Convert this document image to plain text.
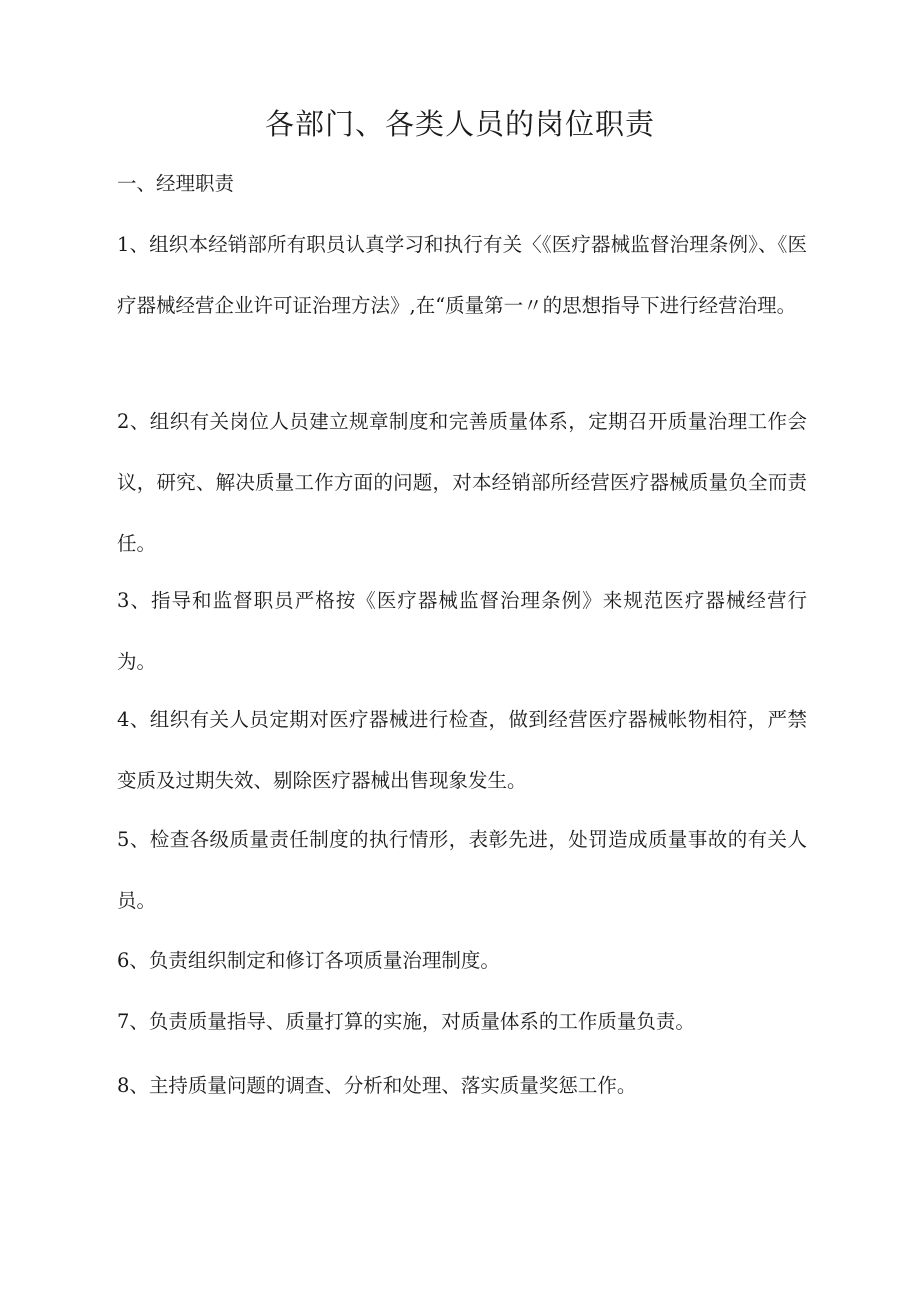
各部门、各类人员的岗位职责
一、经理职责

1、组织本经销部所有职员认真学习和执行有关〈《医疗器械监督治理条例》、《医疗器械经营企业许可证治理方法》,在“质量第一〃的思想指导下进行经营治理。

2、组织有关岗位人员建立规章制度和完善质量体系，定期召开质量治理工作会议，研究、解决质量工作方面的问题，对本经销部所经营医疗器械质量负全而责任。

3、指导和监督职员严格按《医疗器械监督治理条例》来规范医疗器械经营行为。

4、组织有关人员定期对医疗器械进行检查，做到经营医疗器械帐物相符，严禁变质及过期失效、剔除医疗器械出售现象发生。

5、检查各级质量责任制度的执行情形，表彰先进，处罚造成质量事故的有关人员。

6、负责组织制定和修订各项质量治理制度。

7、负责质量指导、质量打算的实施，对质量体系的工作质量负责。

8、主持质量问题的调查、分析和处理、落实质量奖惩工作。
